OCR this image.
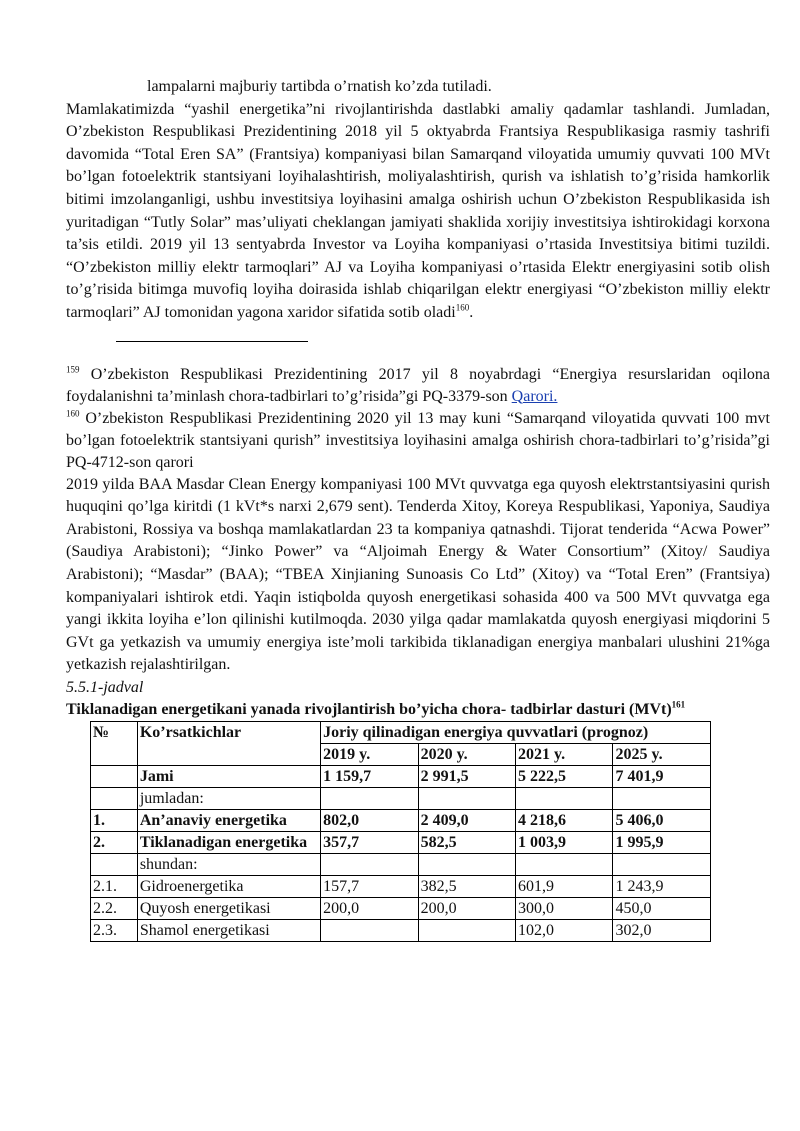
lampalarni majburiy tartibda o’rnatish ko’zda tutiladi.

Mamlakatimizda “yashil energetika”ni rivojlantirishda dastlabki amaliy qadamlar tashlandi. Jumladan, O’zbekiston Respublikasi Prezidentining 2018 yil 5 oktyabrda Frantsiya Respublikasiga rasmiy tashrifi davomida “Total Eren SA” (Frantsiya) kompaniyasi bilan Samarqand viloyatida umumiy quvvati 100 MVt bo’lgan fotoelektrik stantsiyani loyihalashtirish, moliyalashtirish, qurish va ishlatish to’g’risida hamkorlik bitimi imzolanganligi, ushbu investitsiya loyihasini amalga oshirish uchun O’zbekiston Respublikasida ish yuritadigan “Tutly Solar” mas’uliyati cheklangan jamiyati shaklida xorijiy investitsiya ishtirokidagi korxona ta’sis etildi. 2019 yil 13 sentyabrda Investor va Loyiha kompaniyasi o’rtasida Investitsiya bitimi tuzildi. “O’zbekiston milliy elektr tarmoqlari” AJ va Loyiha kompaniyasi o’rtasida Elektr energiyasini sotib olish to’g’risida bitimga muvofiq loyiha doirasida ishlab chiqarilgan elektr energiyasi “O’zbekiston milliy elektr tarmoqlari” AJ tomonidan yagona xaridor sifatida sotib oladi$^{160}$.

$^{159}$ O’zbekiston Respublikasi Prezidentining 2017 yil 8 noyabrdagi “Energiya resurslaridan oqilona foydalanishni ta’minlash chora-tadbirlari to’g’risida”gi PQ-3379-son Qarori.

$^{160}$ O’zbekiston Respublikasi Prezidentining 2020 yil 13 may kuni “Samarqand viloyatida quvvati 100 mvt bo’lgan fotoelektrik stantsiyani qurish” investitsiya loyihasini amalga oshirish chora-tadbirlari to’g’risida”gi PQ-4712-son qarori

2019 yilda BAA Masdar Clean Energy kompaniyasi 100 MVt quvvatga ega quyosh elektrstantsiyasini qurish huquqini qo’lga kiritdi (1 kVt*s narxi 2,679 sent). Tenderda Xitoy, Koreya Respublikasi, Yaponiya, Saudiya Arabistoni, Rossiya va boshqa mamlakatlardan 23 ta kompaniya qatnashdi. Tijorat tenderida “Acwa Power” (Saudiya Arabistoni); “Jinko Power” va “Aljoimah Energy & Water Consortium” (Xitoy/ Saudiya Arabistoni); “Masdar” (BAA); “TBEA Xinjianing Sunoasis Co Ltd” (Xitoy) va “Total Eren” (Frantsiya) kompaniyalari ishtirok etdi. Yaqin istiqbolda quyosh energetikasi sohasida 400 va 500 MVt quvvatga ega yangi ikkita loyiha e’lon qilinishi kutilmoqda. 2030 yilga qadar mamlakatda quyosh energiyasi miqdorini 5 GVt ga yetkazish va umumiy energiya iste’moli tarkibida tiklanadigan energiya manbalari ulushini 21%ga yetkazish rejalashtirilgan.

5.5.1-jadval

Tiklanadigan energetikani yanada rivojlantirish bo’yicha chora- tadbirlar dasturi (MVt)$^{161}$

№	Ko’rsatkichlar	Joriy qilinadigan energiya quvvatlari (prognoz)			
		2019 y.	2020 y.	2021 y.	2025 y.
	Jami	1 159,7	2 991,5	5 222,5	7 401,9
	jumladan:				
1.	An’anaviy energetika	802,0	2 409,0	4 218,6	5 406,0
2.	Tiklanadigan energetika	357,7	582,5	1 003,9	1 995,9
	shundan:				
2.1.	Gidroenergetika	157,7	382,5	601,9	1 243,9
2.2.	Quyosh energetikasi	200,0	200,0	300,0	450,0
2.3.	Shamol energetikasi			102,0	302,0
